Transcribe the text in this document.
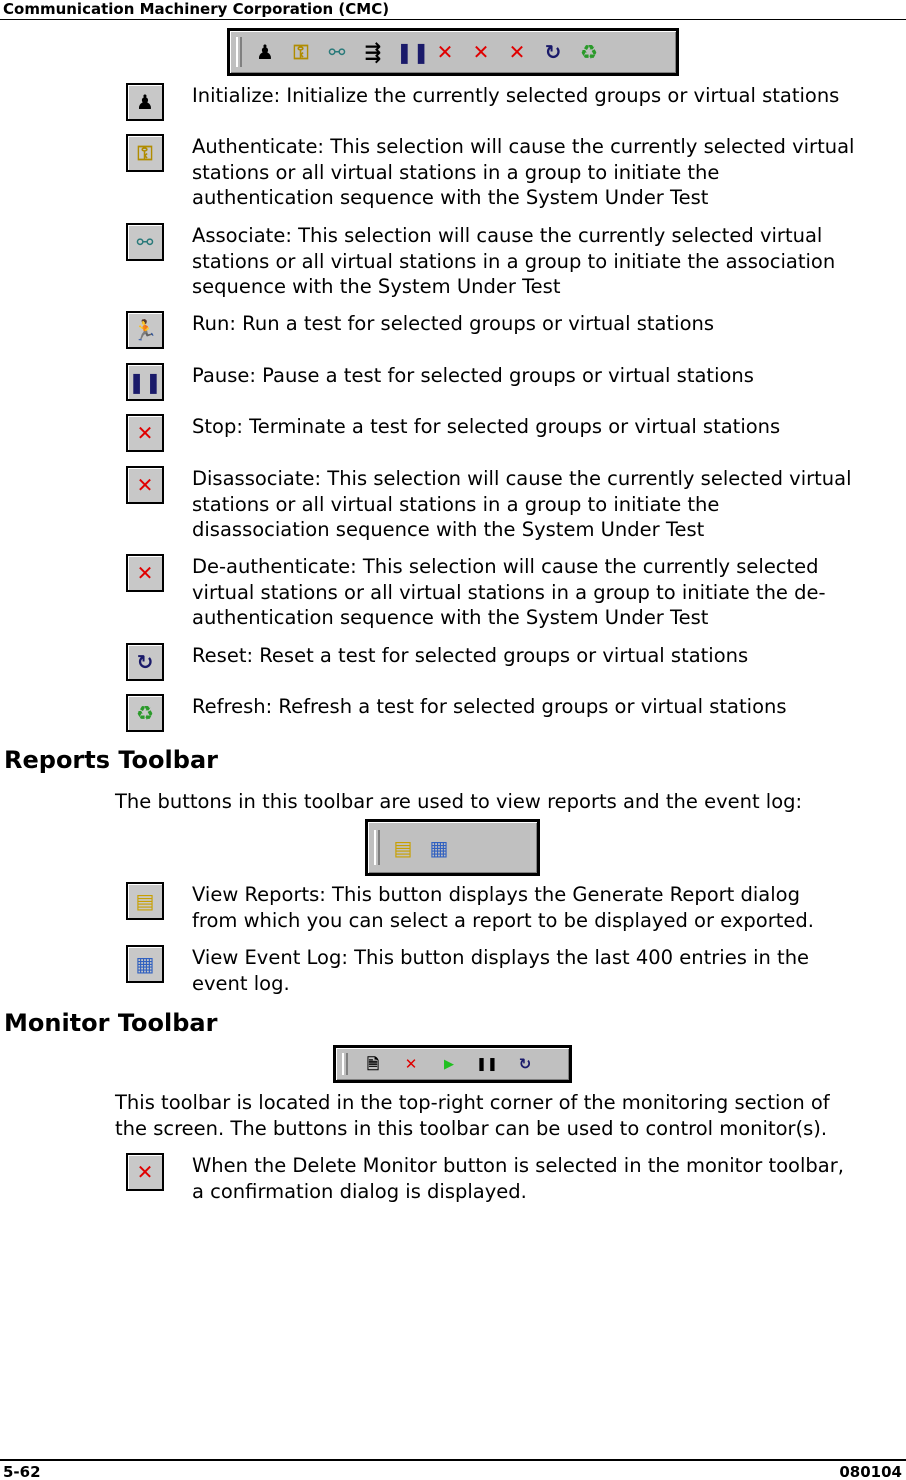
Communication Machinery Corporation (CMC)
♟ ⚿ ⚯ ⇶ ❚❚ ✕ ✕ ✕ ↻ ♻
Reports Toolbar
The buttons in this toolbar are used to view reports and the event log:
▤ ▦
Monitor Toolbar
🗎	✕	▶	❚❚	↻
This toolbar is located in the top-right corner of the monitoring section of
the screen. The buttons in this toolbar can be used to control monitor(s).
5-62	080104
♟	Initialize: Initialize the currently selected groups or virtual stations
⚿	Authenticate: This selection will cause the currently selected virtual
stations or all virtual stations in a group to initiate the
authentication sequence with the System Under Test
⚯	Associate: This selection will cause the currently selected virtual
stations or all virtual stations in a group to initiate the association
sequence with the System Under Test
🏃	Run: Run a test for selected groups or virtual stations
❚❚ Pause: Pause a test for selected groups or virtual stations
✕	Stop: Terminate a test for selected groups or virtual stations
✕	Disassociate: This selection will cause the currently selected virtual
stations or all virtual stations in a group to initiate the
disassociation sequence with the System Under Test
✕	De-authenticate: This selection will cause the currently selected
virtual stations or all virtual stations in a group to initiate the de-
authentication sequence with the System Under Test
↻	Reset: Reset a test for selected groups or virtual stations
♻	Refresh: Refresh a test for selected groups or virtual stations
▤	View Reports: This button displays the Generate Report dialog
from which you can select a report to be displayed or exported.
▦	View Event Log: This button displays the last 400 entries in the
event log.
✕	When the Delete Monitor button is selected in the monitor toolbar,
a confirmation dialog is displayed.
